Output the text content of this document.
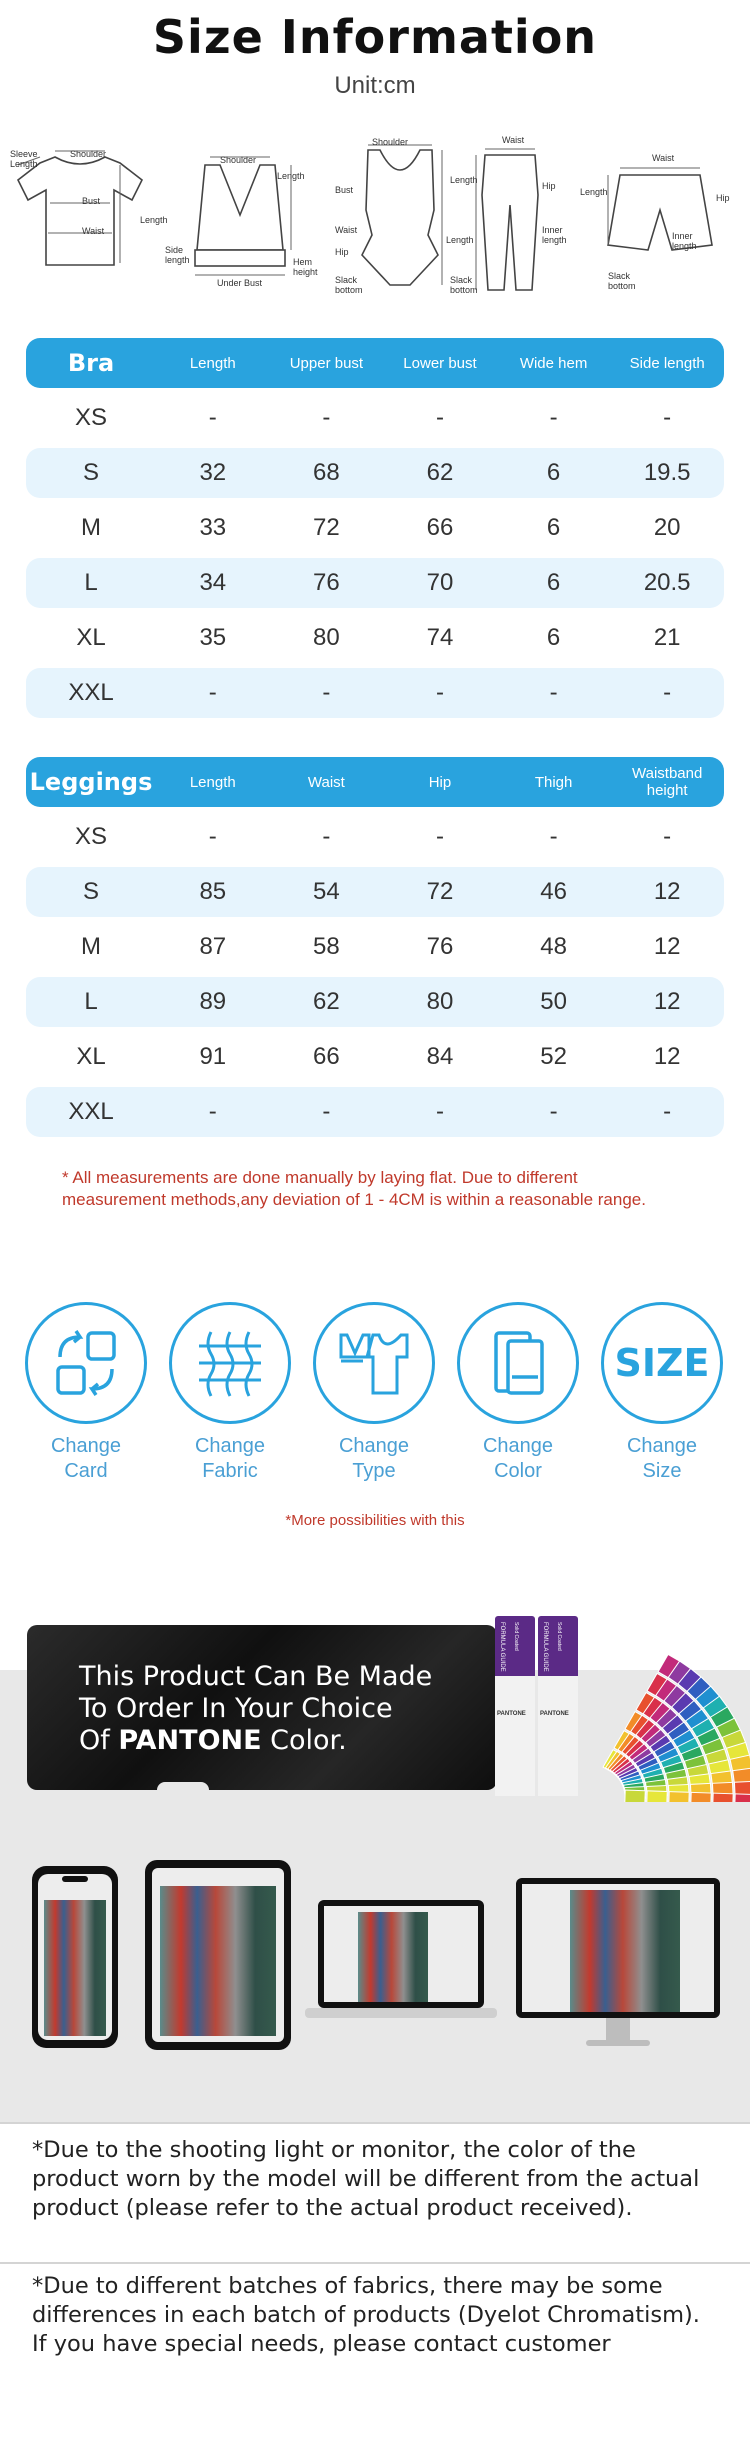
Size Information
Unit:cm
Sleeve
Length
Shoulder
Bust
Waist
Length
Shoulder
Length
Side
length	Hem
height
Under Bust
Shoulder
Bust
Waist
Hip
Length
Slack
bottom
Waist
Length
Hip
Inner
length
Slack
bottom
Waist
Length
Hip
Inner
length
Slack
bottom
Bra	Length	Upper bust	Lower bust	Wide hem	Side length
XS	-	-	-	-	-
S	32	68	62	6	19.5
M	33	72	66	6	20
L	34	76	70	6	20.5
XL	35	80	74	6	21
XXL	-	-	-	-	-
Leggings	Length	Waist	Hip	Thigh	Waistband
height
XS	-	-	-	-	-
S	85	54	72	46	12
M	87	58	76	48	12
L	89	62	80	50	12
XL	91	66	84	52	12
XXL	-	-	-	-	-
* All measurements are done manually by laying flat. Due to different measurement methods,any deviation of 1 - 4CM is within a reasonable range.
Change
Card
Change
Fabric
Change
Type
Change
Color
SIZE
Change
Size
*More possibilities with this
This Product Can Be Made
To Order In Your Choice
Of PANTONE Color.
FORMULA GUIDE Solid Coated
PANTONE
FORMULA GUIDE Solid Coated
PANTONE
*Due to the shooting light or monitor, the color of the product worn by the model will be different from the actual product (please refer to the actual product received).
*Due to different batches of fabrics, there may be some differences in each batch of products (Dyelot Chromatism).
If you have special needs, please contact customer
